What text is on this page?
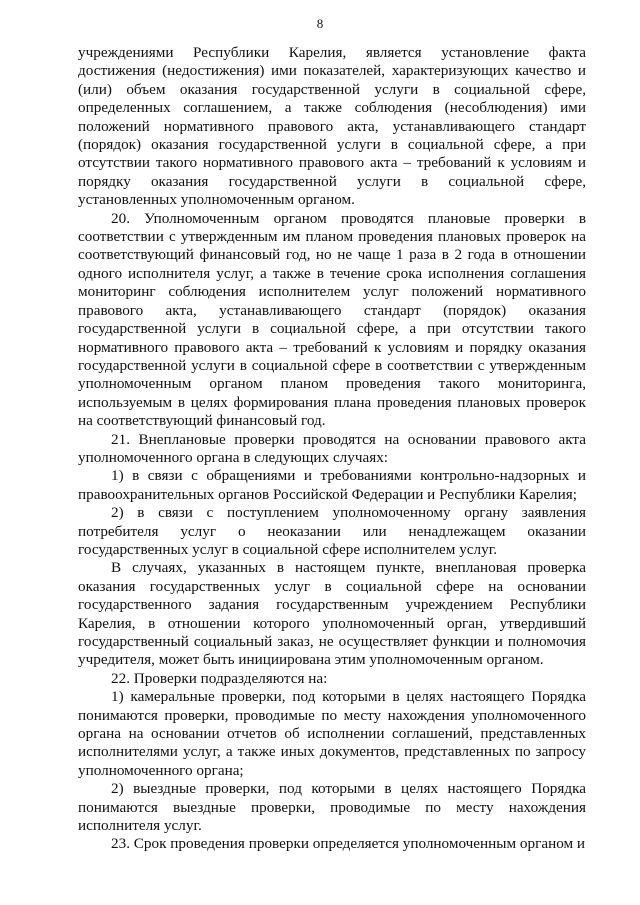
8

учреждениями Республики Карелия, является установление факта достижения (недостижения) ими показателей, характеризующих качество и (или) объем оказания государственной услуги в социальной сфере, определенных соглашением, а также соблюдения (несоблюдения) ими положений нормативного правового акта, устанавливающего стандарт (порядок) оказания государственной услуги в социальной сфере, а при отсутствии такого нормативного правового акта – требований к условиям и порядку оказания государственной услуги в социальной сфере, установленных уполномоченным органом.

20. Уполномоченным органом проводятся плановые проверки в соответствии с утвержденным им планом проведения плановых проверок на соответствующий финансовый год, но не чаще 1 раза в 2 года в отношении одного исполнителя услуг, а также в течение срока исполнения соглашения мониторинг соблюдения исполнителем услуг положений нормативного правового акта, устанавливающего стандарт (порядок) оказания государственной услуги в социальной сфере, а при отсутствии такого нормативного правового акта – требований к условиям и порядку оказания государственной услуги в социальной сфере в соответствии с утвержденным уполномоченным органом планом проведения такого мониторинга, используемым в целях формирования плана проведения плановых проверок на соответствующий финансовый год.

21. Внеплановые проверки проводятся на основании правового акта уполномоченного органа в следующих случаях:

1) в связи с обращениями и требованиями контрольно-надзорных и правоохранительных органов Российской Федерации и Республики Карелия;

2) в связи с поступлением уполномоченному органу заявления потребителя услуг о неоказании или ненадлежащем оказании государственных услуг в социальной сфере исполнителем услуг.

В случаях, указанных в настоящем пункте, внеплановая проверка оказания государственных услуг в социальной сфере на основании государственного задания государственным учреждением Республики Карелия, в отношении которого уполномоченный орган, утвердивший государственный социальный заказ, не осуществляет функции и полномочия учредителя, может быть инициирована этим уполномоченным органом.

22. Проверки подразделяются на:

1) камеральные проверки, под которыми в целях настоящего Порядка понимаются проверки, проводимые по месту нахождения уполномоченного органа на основании отчетов об исполнении соглашений, представленных исполнителями услуг, а также иных документов, представленных по запросу уполномоченного органа;

2) выездные проверки, под которыми в целях настоящего Порядка понимаются выездные проверки, проводимые по месту нахождения исполнителя услуг.

23. Срок проведения проверки определяется уполномоченным органом и
